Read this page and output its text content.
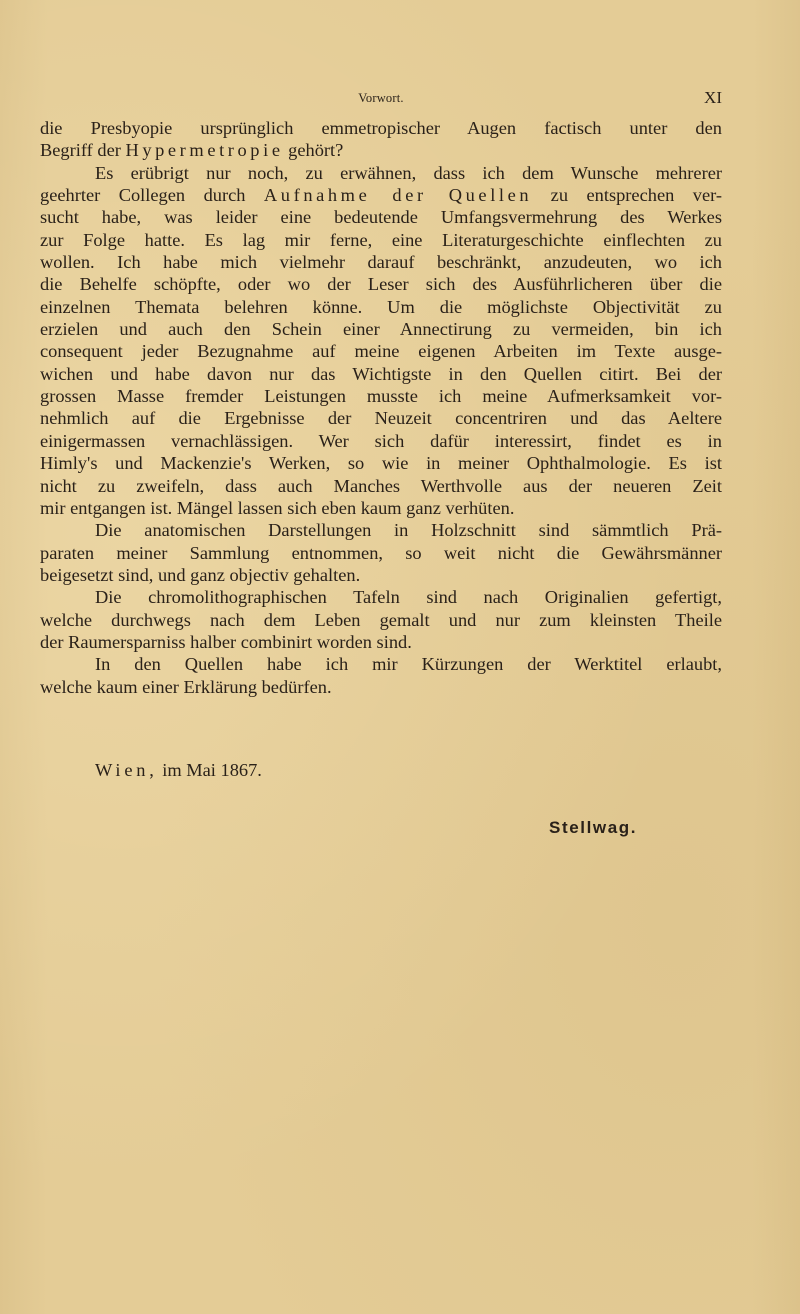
Vorwort.	XI
die Presbyopie ursprünglich emmetropischer Augen factisch unter den
Begriff der Hypermetropie gehört?
Es erübrigt nur noch, zu erwähnen, dass ich dem Wunsche mehrerer
geehrter Collegen durch Aufnahme der Quellen zu entsprechen ver-
sucht habe, was leider eine bedeutende Umfangsvermehrung des Werkes
zur Folge hatte. Es lag mir ferne, eine Literaturgeschichte einflechten zu
wollen. Ich habe mich vielmehr darauf beschränkt, anzudeuten, wo ich
die Behelfe schöpfte, oder wo der Leser sich des Ausführlicheren über die
einzelnen Themata belehren könne. Um die möglichste Objectivität zu
erzielen und auch den Schein einer Annectirung zu vermeiden, bin ich
consequent jeder Bezugnahme auf meine eigenen Arbeiten im Texte ausge-
wichen und habe davon nur das Wichtigste in den Quellen citirt. Bei der
grossen Masse fremder Leistungen musste ich meine Aufmerksamkeit vor-
nehmlich auf die Ergebnisse der Neuzeit concentriren und das Aeltere
einigermassen vernachlässigen. Wer sich dafür interessirt, findet es in
Himly's und Mackenzie's Werken, so wie in meiner Ophthalmologie. Es ist
nicht zu zweifeln, dass auch Manches Werthvolle aus der neueren Zeit
mir entgangen ist. Mängel lassen sich eben kaum ganz verhüten.
Die anatomischen Darstellungen in Holzschnitt sind sämmtlich Prä-
paraten meiner Sammlung entnommen, so weit nicht die Gewährsmänner
beigesetzt sind, und ganz objectiv gehalten.
Die chromolithographischen Tafeln sind nach Originalien gefertigt,
welche durchwegs nach dem Leben gemalt und nur zum kleinsten Theile
der Raumersparniss halber combinirt worden sind.
In den Quellen habe ich mir Kürzungen der Werktitel erlaubt,
welche kaum einer Erklärung bedürfen.
Wien, im Mai 1867.
Stellwag.
